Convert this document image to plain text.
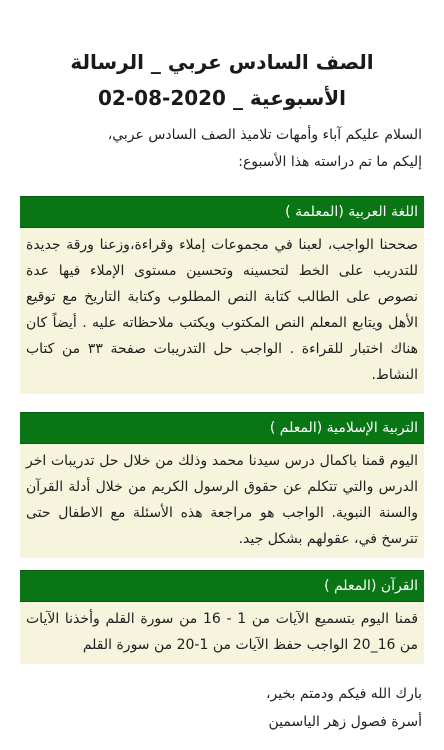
الصف السادس عربي _ الرسالة الأسبوعية _ 2020-08-02
السلام عليكم آباء وأمهات تلاميذ الصف السادس عربي،
إليكم ما تم دراسته هذا الأسبوع:
اللغة العربية (المعلمة )
صححنا الواجب، لعبنا في مجموعات إملاء وقراءة،وزعنا ورقة جديدة للتدريب على الخط لتحسينه وتحسين مستوى الإملاء فيها عدة نصوص على الطالب كتابة النص المطلوب وكتابة التاريخ مع توقيع الأهل ويتابع المعلم النص المكتوب ويكتب ملاحظاته عليه . أيضاً كان هناك اختبار للقراءة . الواجب حل التدريبات صفحة ٣٣ من كتاب النشاط.
التربية الإسلامية (المعلم )
اليوم قمنا باكمال درس سيدنا محمد وذلك من خلال حل تدريبات اخر الدرس والتي تتكلم عن حقوق الرسول الكريم من خلال أدلة القرآن والسنة النبوية. الواجب هو مراجعة هذه الأسئلة مع الاطفال حتى تترسخ في، عقولهم بشكل جيد.
القرآن (المعلم )
قمنا اليوم بتسميع الآيات من 1 - 16 من سورة القلم وأخذنا الآيات من 16_20 الواجب حفظ الآيات من 1-20 من سورة القلم
بارك الله فيكم ودمتم بخير،
أسرة فصول زهر الياسمين
